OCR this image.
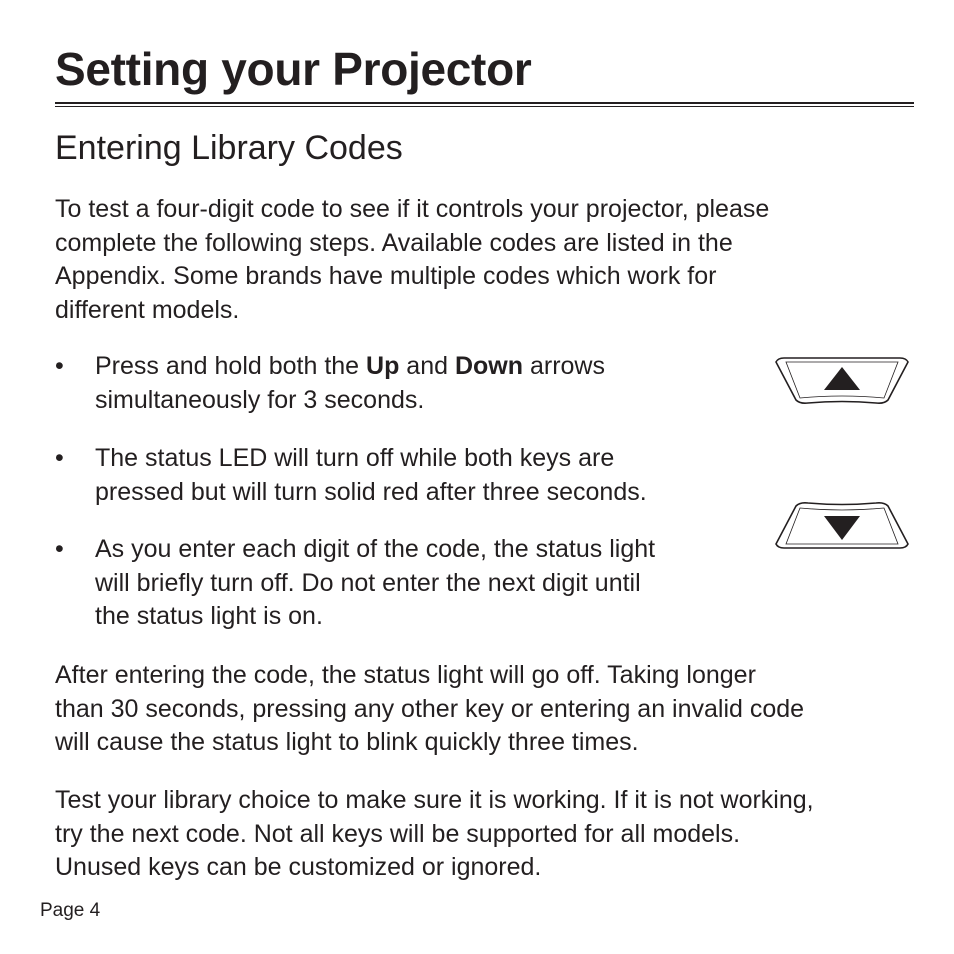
Setting your Projector
Entering Library Codes

To test a four-digit code to see if it controls your projector, please
complete the following steps. Available codes are listed in the
Appendix. Some brands have multiple codes which work for
different models.

• Press and hold both the Up and Down arrows
simultaneously for 3 seconds.
• The status LED will turn off while both keys are
pressed but will turn solid red after three seconds.
• As you enter each digit of the code, the status light
will briefly turn off. Do not enter the next digit until
the status light is on.

After entering the code, the status light will go off. Taking longer
than 30 seconds, pressing any other key or entering an invalid code
will cause the status light to blink quickly three times.

Test your library choice to make sure it is working. If it is not working,
try the next code. Not all keys will be supported for all models.
Unused keys can be customized or ignored.

Page 4
